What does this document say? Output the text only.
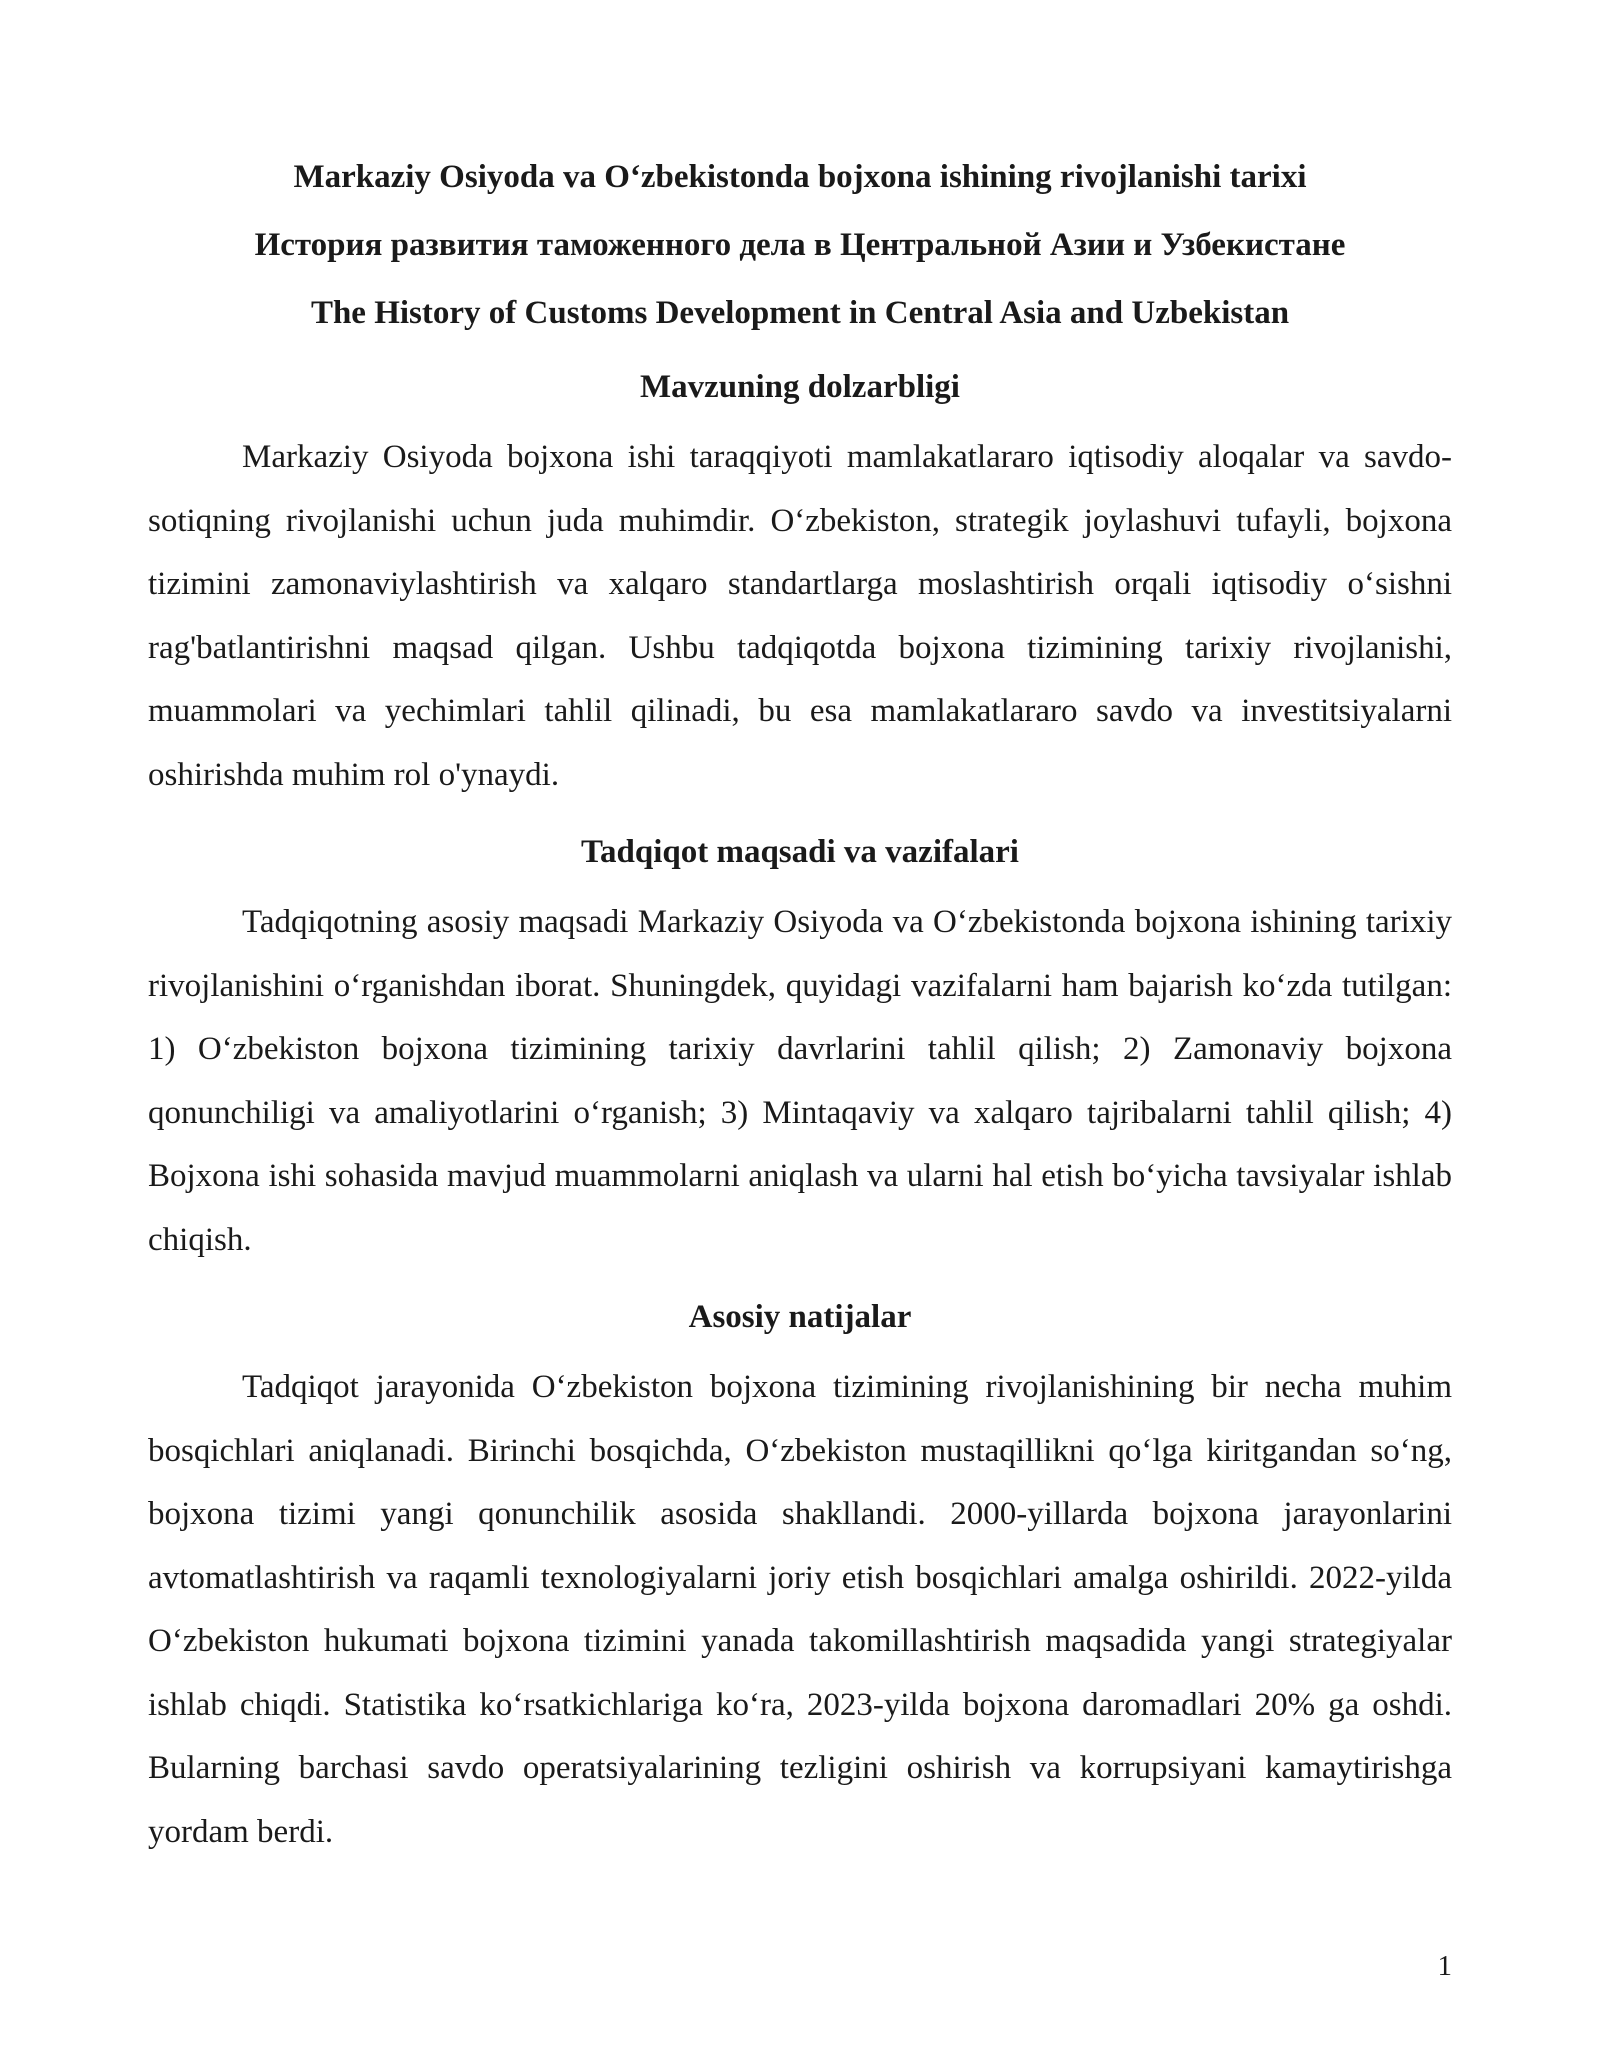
Markaziy Osiyoda va O‘zbekistonda bojxona ishining rivojlanishi tarixi

История развития таможенного дела в Центральной Азии и Узбекистане

The History of Customs Development in Central Asia and Uzbekistan

Mavzuning dolzarbligi

Markaziy Osiyoda bojxona ishi taraqqiyoti mamlakatlararo iqtisodiy aloqalar va savdo-sotiqning rivojlanishi uchun juda muhimdir. O‘zbekiston, strategik joylashuvi tufayli, bojxona tizimini zamonaviylashtirish va xalqaro standartlarga moslashtirish orqali iqtisodiy o‘sishni rag'batlantirishni maqsad qilgan. Ushbu tadqiqotda bojxona tizimining tarixiy rivojlanishi, muammolari va yechimlari tahlil qilinadi, bu esa mamlakatlararo savdo va investitsiyalarni oshirishda muhim rol o'ynaydi.

Tadqiqot maqsadi va vazifalari

Tadqiqotning asosiy maqsadi Markaziy Osiyoda va O‘zbekistonda bojxona ishining tarixiy rivojlanishini o‘rganishdan iborat. Shuningdek, quyidagi vazifalarni ham bajarish ko‘zda tutilgan: 1) O‘zbekiston bojxona tizimining tarixiy davrlarini tahlil qilish; 2) Zamonaviy bojxona qonunchiligi va amaliyotlarini o‘rganish; 3) Mintaqaviy va xalqaro tajribalarni tahlil qilish; 4) Bojxona ishi sohasida mavjud muammolarni aniqlash va ularni hal etish bo‘yicha tavsiyalar ishlab chiqish.

Asosiy natijalar

Tadqiqot jarayonida O‘zbekiston bojxona tizimining rivojlanishining bir necha muhim bosqichlari aniqlanadi. Birinchi bosqichda, O‘zbekiston mustaqillikni qo‘lga kiritgandan so‘ng, bojxona tizimi yangi qonunchilik asosida shakllandi. 2000-yillarda bojxona jarayonlarini avtomatlashtirish va raqamli texnologiyalarni joriy etish bosqichlari amalga oshirildi. 2022-yilda O‘zbekiston hukumati bojxona tizimini yanada takomillashtirish maqsadida yangi strategiyalar ishlab chiqdi. Statistika ko‘rsatkichlariga ko‘ra, 2023-yilda bojxona daromadlari 20% ga oshdi. Bularning barchasi savdo operatsiyalarining tezligini oshirish va korrupsiyani kamaytirishga yordam berdi.

1
